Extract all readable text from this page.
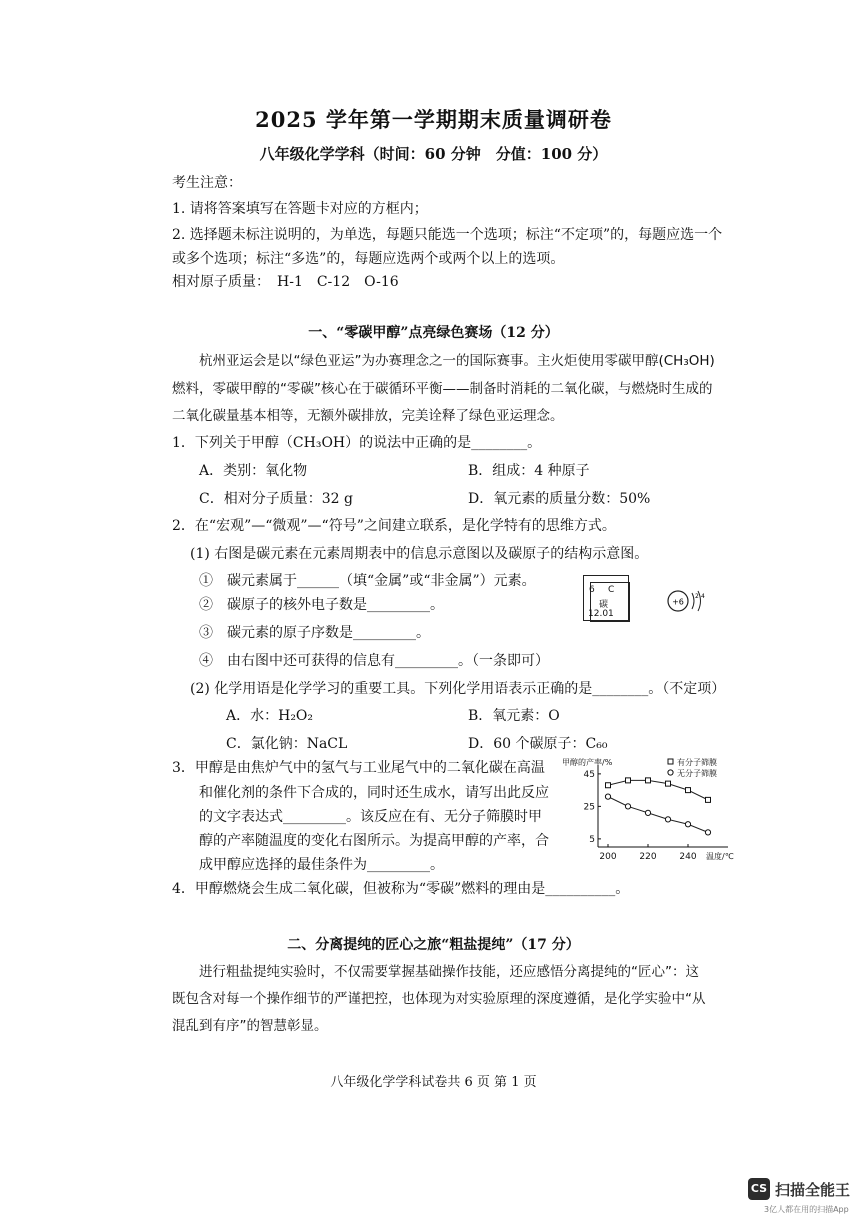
2025 学年第一学期期末质量调研卷
八年级化学学科（时间：60 分钟　分值：100 分）
考生注意：
1. 请将答案填写在答题卡对应的方框内；
2. 选择题未标注说明的，为单选，每题只能选一个选项；标注“不定项”的，每题应选一个
或多个选项；标注“多选”的，每题应选两个或两个以上的选项。
相对原子质量：　H-1　C-12　O-16
一、“零碳甲醇”点亮绿色赛场（12 分）
杭州亚运会是以“绿色亚运”为办赛理念之一的国际赛事。主火炬使用零碳甲醇(CH₃OH)
燃料，零碳甲醇的“零碳”核心在于碳循环平衡——制备时消耗的二氧化碳，与燃烧时生成的
二氧化碳量基本相等，无额外碳排放，完美诠释了绿色亚运理念。
1．下列关于甲醇（CH₃OH）的说法中正确的是________。
A．类别：氧化物	B．组成：4 种原子
C．相对分子质量：32 g	D．氧元素的质量分数：50%
2．在“宏观”—“微观”—“符号”之间建立联系，是化学特有的思维方式。
(1) 右图是碳元素在元素周期表中的信息示意图以及碳原子的结构示意图。
①　碳元素属于______（填“金属”或“非金属”）元素。
②　碳原子的核外电子数是_________。
③　碳元素的原子序数是_________。
④　由右图中还可获得的信息有_________。（一条即可）
6 C
碳
12.01
+6
2 4
(2) 化学用语是化学学习的重要工具。下列化学用语表示正确的是________。（不定项）
A．水：H₂O₂	B．氧元素：O
C．氯化钠：NaCL	D．60 个碳原子：C₆₀
3．甲醇是由焦炉气中的氢气与工业尾气中的二氧化碳在高温
和催化剂的条件下合成的，同时还生成水，请写出此反应
的文字表达式_________。该反应在有、无分子筛膜时甲
醇的产率随温度的变化右图所示。为提高甲醇的产率，合
成甲醇应选择的最佳条件为_________。
甲醇的产率/%
温度/℃
200	220	240
5
25
45
有分子筛膜
无分子筛膜
4．甲醇燃烧会生成二氧化碳，但被称为“零碳”燃料的理由是__________。
二、分离提纯的匠心之旅“粗盐提纯”（17 分）
进行粗盐提纯实验时，不仅需要掌握基础操作技能，还应感悟分离提纯的“匠心”：这
既包含对每一个操作细节的严谨把控，也体现为对实验原理的深度遵循，是化学实验中“从
混乱到有序”的智慧彰显。
八年级化学学科试卷共 6 页 第 1 页
CS 扫描全能王
3亿人都在用的扫描App
